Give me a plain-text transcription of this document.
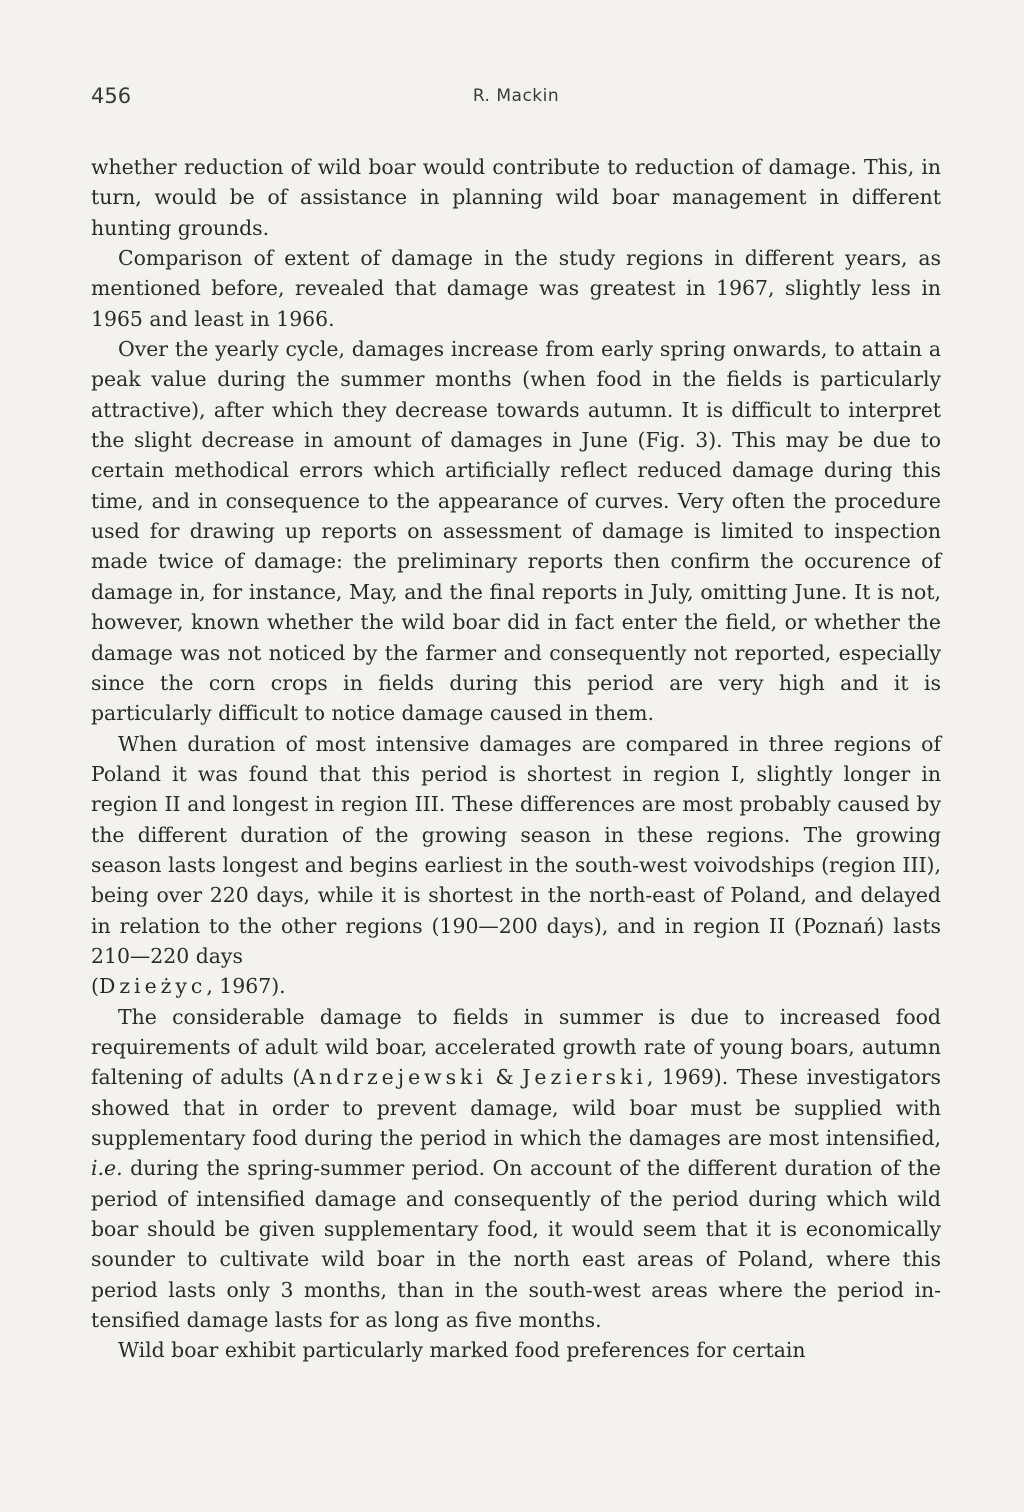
456	R. Mackin

whether reduction of wild boar would contribute to reduction of damage. This, in turn, would be of assistance in planning wild boar management in different hunting grounds.

Comparison of extent of damage in the study regions in different years, as mentioned before, revealed that damage was greatest in 1967, slightly less in 1965 and least in 1966.

Over the yearly cycle, damages increase from early spring onwards, to attain a peak value during the summer months (when food in the fields is particularly attractive), after which they decrease towards autumn. It is difficult to interpret the slight decrease in amount of damages in June (Fig. 3). This may be due to certain methodical errors which artificially reflect reduced damage during this time, and in consequence to the appearance of curves. Very often the procedure used for drawing up reports on assessment of damage is limited to inspection made twice of damage: the preliminary reports then confirm the occurence of damage in, for instance, May, and the final reports in July, omitting June. It is not, however, known whether the wild boar did in fact enter the field, or whether the damage was not noticed by the farmer and consequently not reported, especially since the corn crops in fields during this period are very high and it is particularly difficult to notice damage caused in them.

When duration of most intensive damages are compared in three regions of Poland it was found that this period is shortest in region I, slightly longer in region II and longest in region III. These differences are most probably caused by the different duration of the growing season in these regions. The growing season lasts longest and begins earliest in the south-west voivodships (region III), being over 220 days, while it is shortest in the north-east of Poland, and delayed in relation to the other regions (190—200 days), and in region II (Poznań) lasts 210—220 days
(Dzieżyc, 1967).

The considerable damage to fields in summer is due to increased food requirements of adult wild boar, accelerated growth rate of young boars, autumn faltening of adults (Andrzejewski & Jezierski, 1969). These investigators showed that in order to prevent damage, wild boar must be supplied with supplementary food during the period in which the damages are most intensified, i.e. during the spring-summer period. On account of the different duration of the period of intensified damage and consequently of the period during which wild boar should be given supplementary food, it would seem that it is economically sounder to cultivate wild boar in the north east areas of Poland, where this period lasts only 3 months, than in the south-west areas where the period intensified damage lasts for as long as five months.

Wild boar exhibit particularly marked food preferences for certain
